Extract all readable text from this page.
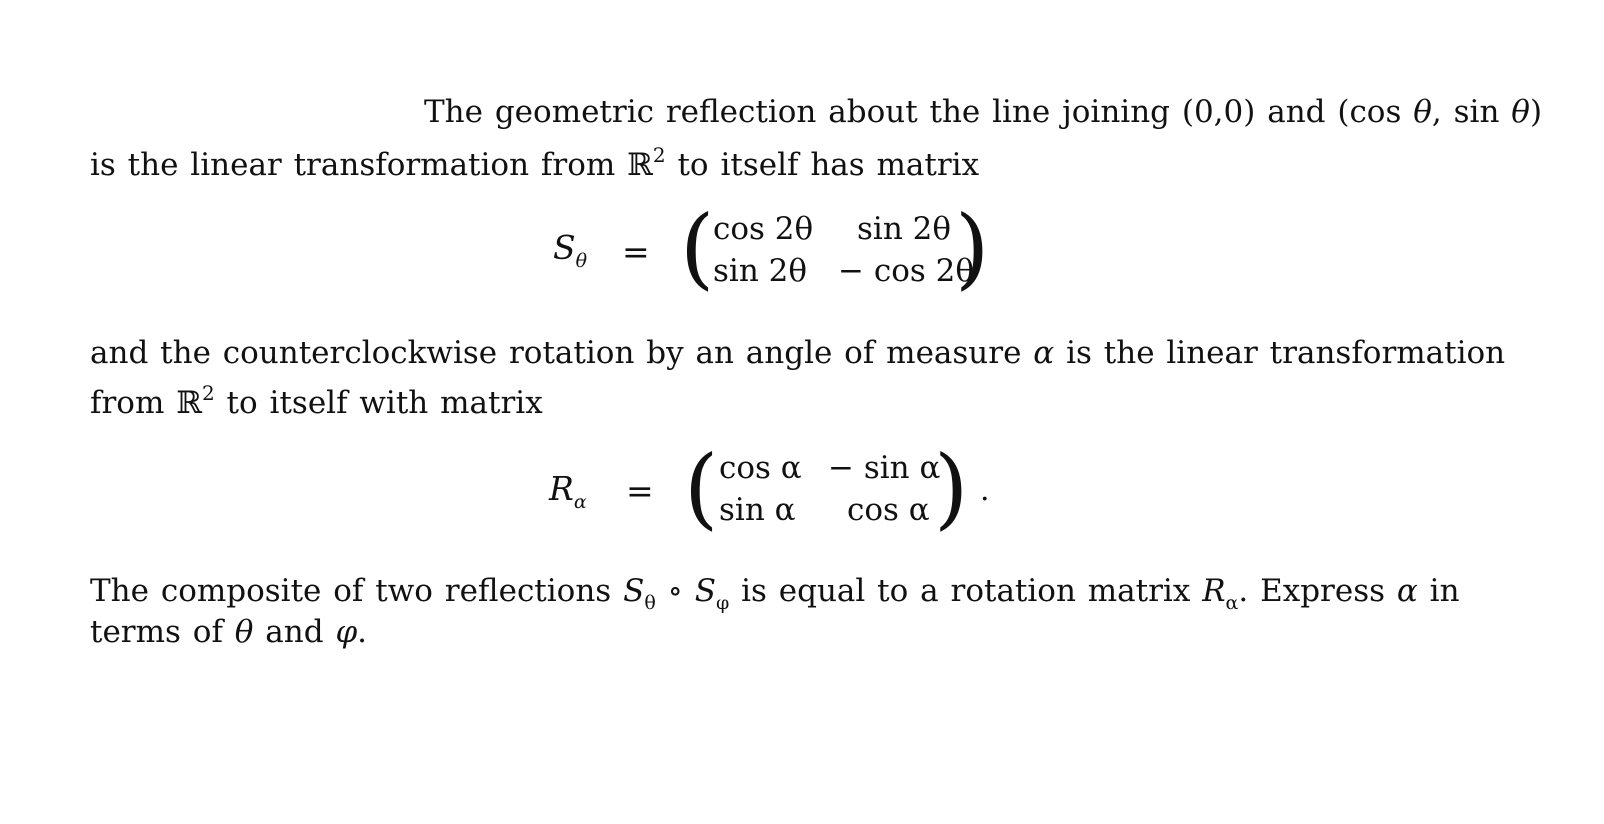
The geometric reflection about the line joining (0,0) and (cos θ, sin θ)
is the linear transformation from ℝ$^2$ to itself has matrix
$S_\theta$ = (
cos 2θ sin 2θ
sin 2θ − cos 2θ
)
and the counterclockwise rotation by an angle of measure α is the linear transformation
from ℝ$^2$ to itself with matrix
$R_\alpha$ = ( cos α − sin α
sin α cos α ) .
The composite of two reflections $S_\theta$ ∘ $S_\varphi$ is equal to a rotation matrix $R_\alpha$. Express α in
terms of θ and φ.
